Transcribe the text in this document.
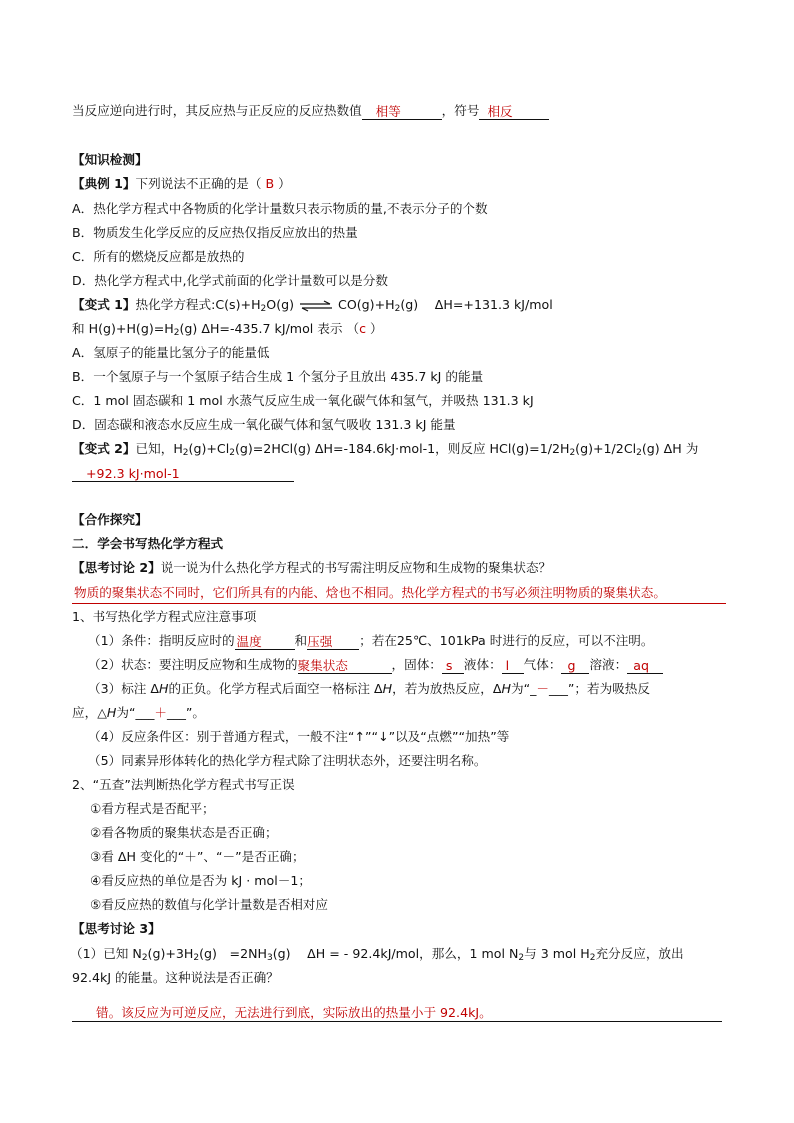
当反应逆向进行时，其反应热与正反应的反应热数值 相等	，符号 相反
【知识检测】
【典例 1】下列说法不正确的是（ B ）
A．热化学方程式中各物质的化学计量数只表示物质的量,不表示分子的个数
B．物质发生化学反应的反应热仅指反应放出的热量
C．所有的燃烧反应都是放热的
D．热化学方程式中,化学式前面的化学计量数可以是分数
【变式 1】热化学方程式$:C(s)+H_2O(g)$ ⇌ $CO(g)+H_2(g)$　 ΔH=+131.3 kJ/mol
和 $H(g)+H(g)=H_2(g)$ ΔH=-435.7 kJ/mol 表示 （c ）
A．氢原子的能量比氢分子的能量低
B．一个氢原子与一个氢原子结合生成 1 个氢分子且放出 435.7 kJ 的能量
C．1 mol 固态碳和 1 mol 水蒸气反应生成一氧化碳气体和氢气，并吸热 131.3 kJ
D．固态碳和液态水反应生成一氧化碳气体和氢气吸收 131.3 kJ 能量
【变式 2】已知，$H_2(g)+Cl_2(g)=2HCl(g)$ ΔH=-184.6kJ·mol-1，则反应 $HCl(g)=1/2H_2(g)+1/2Cl_2(g)$ ΔH 为
+92.3 kJ·mol-1
【合作探究】
二．学会书写热化学方程式
【思考讨论 2】说一说为什么热化学方程式的书写需注明反应物和生成物的聚集状态？
物质的聚集状态不同时，它们所具有的内能、焓也不相同。热化学方程式的书写必须注明物质的聚集状态。
1、书写热化学方程式应注意事项
（1）条件：指明反应时的 温度	和压强 ；若在25℃、101kPa 时进行的反应，可以不注明。
（2）状态：要注明反应物和生成物的聚集状态	，固体： s 液体： l 气体： g 溶液： aq
（3）标注 ΔH的正负。化学方程式后面空一格标注 ΔH，若为放热反应，ΔH为“_－___”；若为吸热反
应，△H为“___＋___”。
（4）反应条件区：别于普通方程式，一般不注“↑”“↓”以及“点燃”“加热”等
（5）同素异形体转化的热化学方程式除了注明状态外，还要注明名称。
2、“五查”法判断热化学方程式书写正误
①看方程式是否配平；
②看各物质的聚集状态是否正确；
③看 ΔH 变化的“＋”、“－”是否正确；
④看反应热的单位是否为 kJ · mol－1；
⑤看反应热的数值与化学计量数是否相对应
【思考讨论 3】
（1）已知 $N_2(g)+3H_2(g)$　$=2NH_3(g)$　 ΔH = - 92.4kJ/mol，那么，1 mol $N_2$与 3 mol $H_2$充分反应，放出
92.4kJ 的能量。这种说法是否正确？
错。该反应为可逆反应，无法进行到底，实际放出的热量小于 92.4kJ。
